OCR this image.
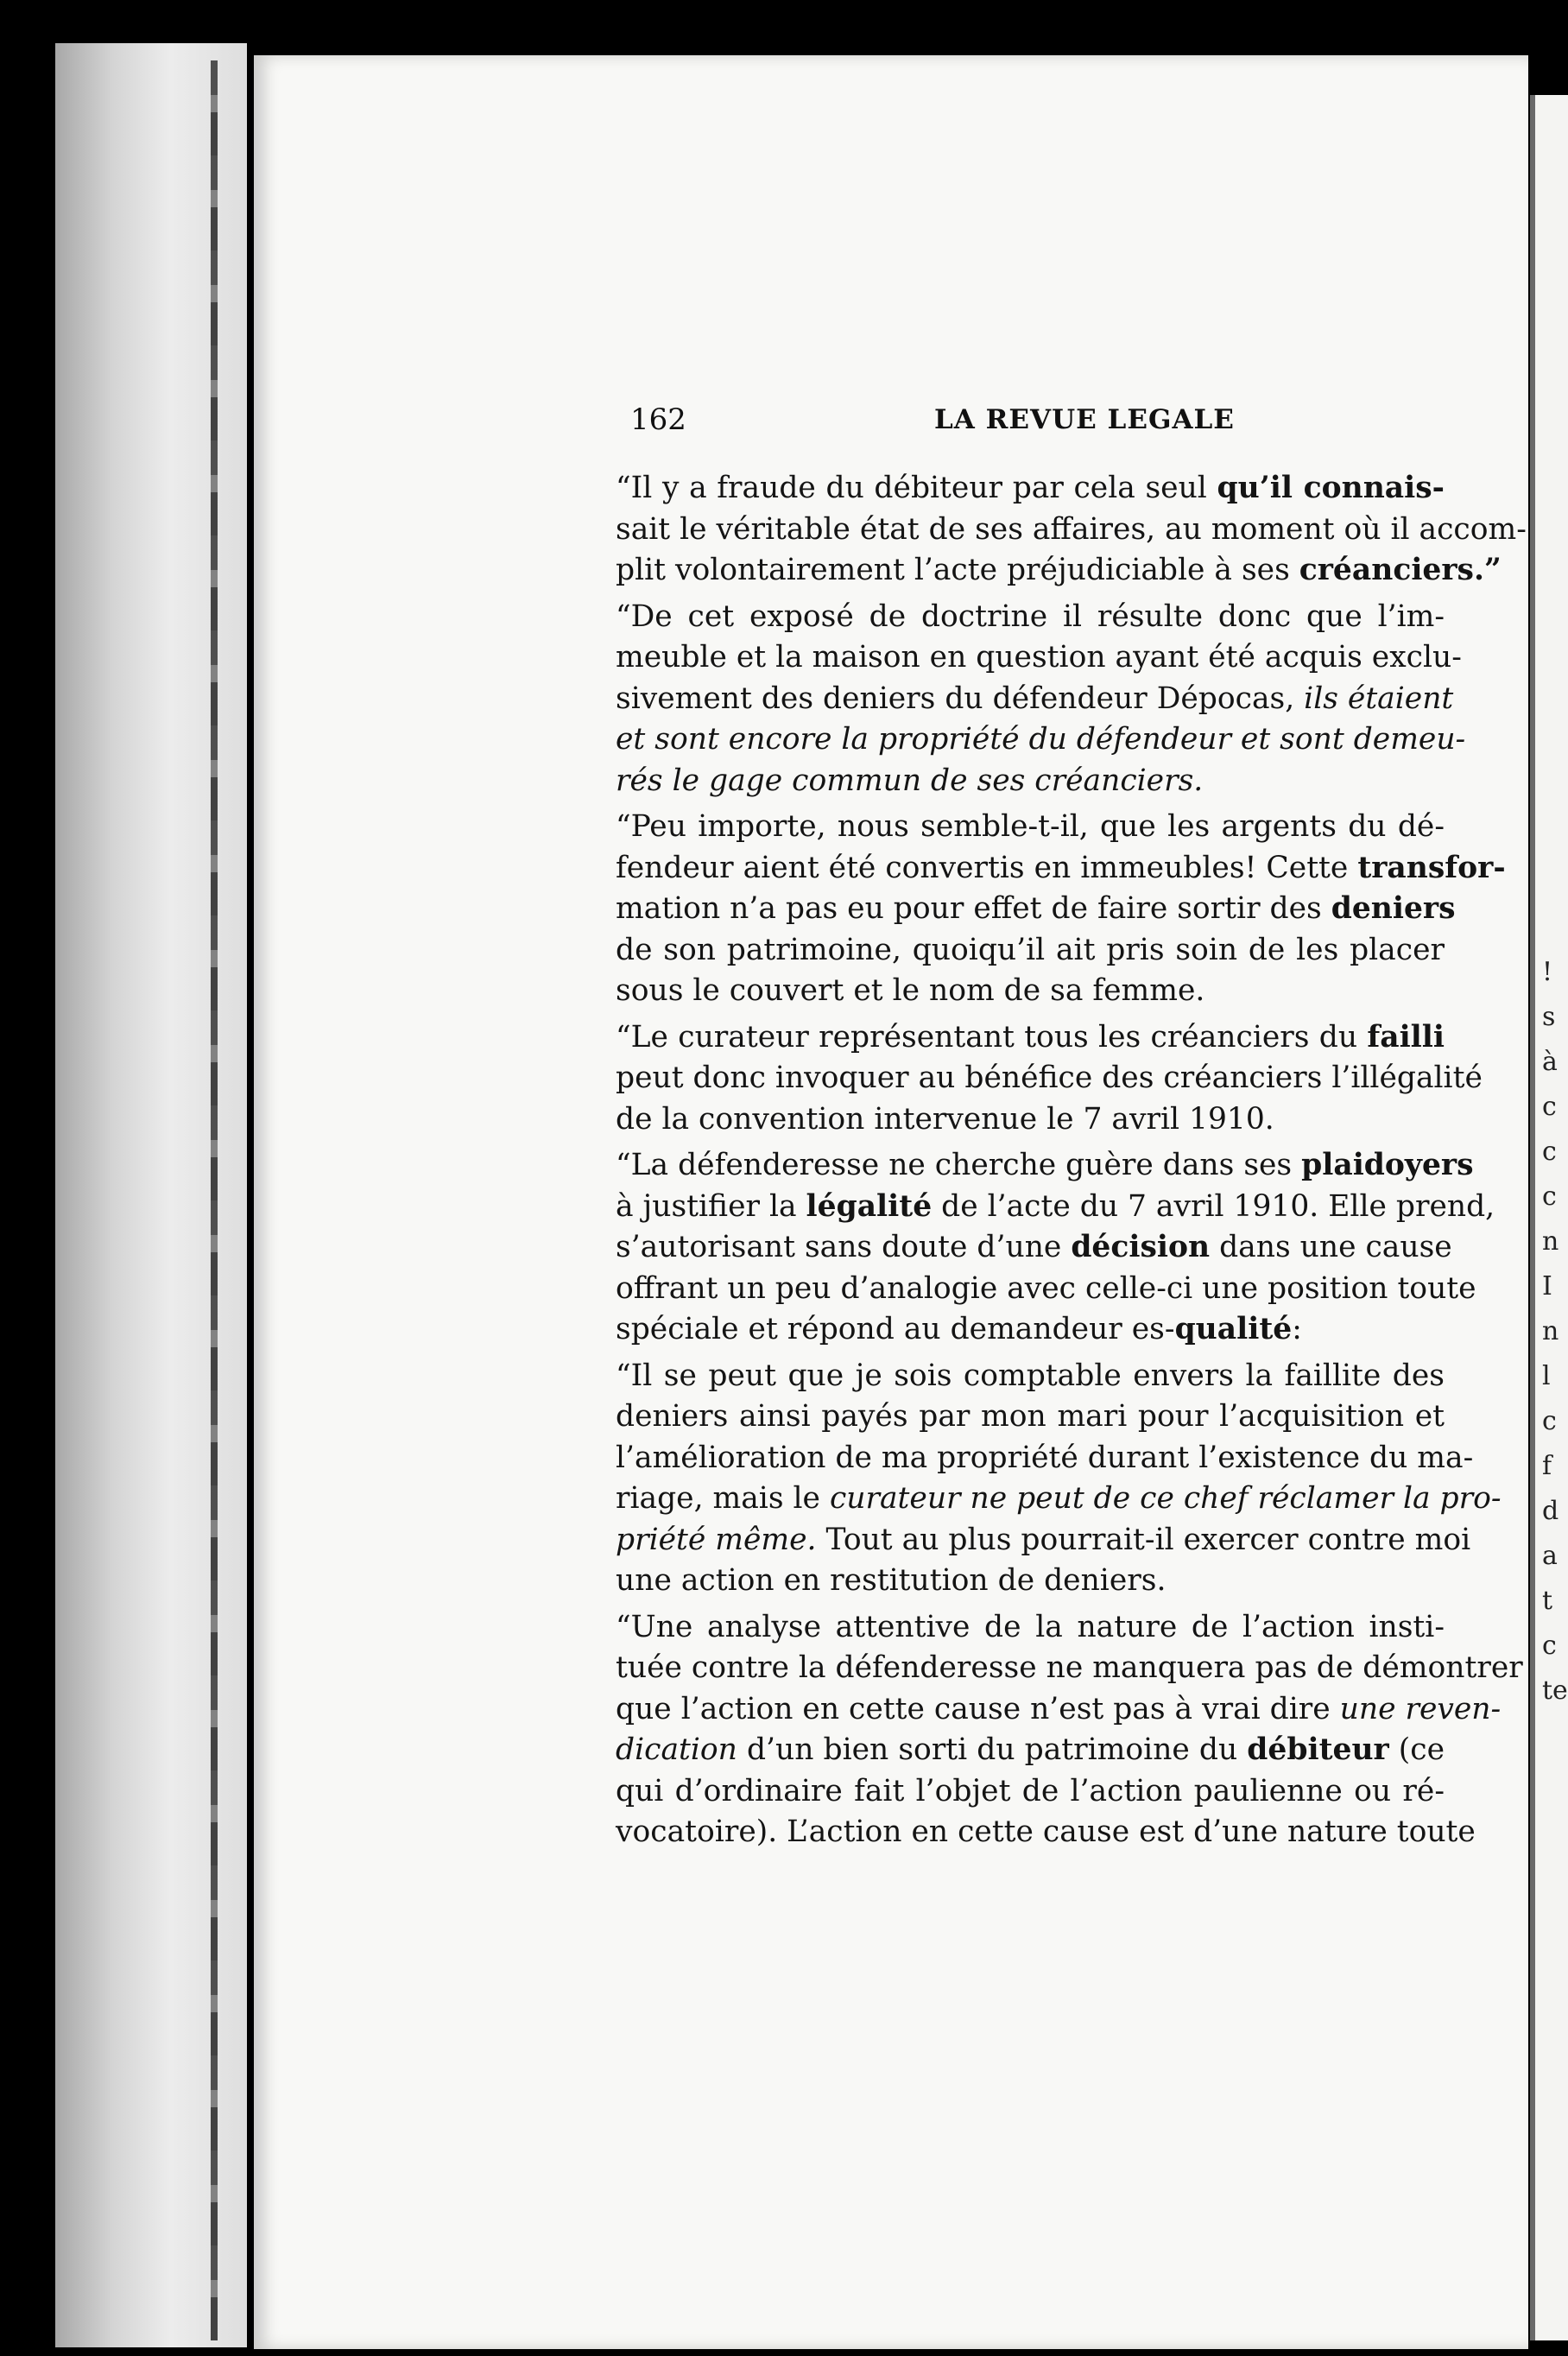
!
s
à
c
c
c
n
I
n
l
c
f
d
a
t
c
te
162	LA REVUE LEGALE
“Il y a fraude du débiteur par cela seul qu’il connais-
sait le véritable état de ses affaires, au moment où il accom-
plit volontairement l’acte préjudiciable à ses créanciers.”
“De cet exposé de doctrine il résulte donc que l’im-
meuble et la maison en question ayant été acquis exclu-
sivement des deniers du défendeur Dépocas, ils étaient
et sont encore la propriété du défendeur et sont demeu-
rés le gage commun de ses créanciers.
“Peu importe, nous semble-t-il, que les argents du dé-
fendeur aient été convertis en immeubles! Cette transfor-
mation n’a pas eu pour effet de faire sortir des deniers
de son patrimoine, quoiqu’il ait pris soin de les placer
sous le couvert et le nom de sa femme.
“Le curateur représentant tous les créanciers du failli
peut donc invoquer au bénéfice des créanciers l’illégalité
de la convention intervenue le 7 avril 1910.
“La défenderesse ne cherche guère dans ses plaidoyers
à justifier la légalité de l’acte du 7 avril 1910. Elle prend,
s’autorisant sans doute d’une décision dans une cause
offrant un peu d’analogie avec celle-ci une position toute
spéciale et répond au demandeur es-qualité:
“Il se peut que je sois comptable envers la faillite des
deniers ainsi payés par mon mari pour l’acquisition et
l’amélioration de ma propriété durant l’existence du ma-
riage, mais le curateur ne peut de ce chef réclamer la pro-
priété même. Tout au plus pourrait-il exercer contre moi
une action en restitution de deniers.
“Une analyse attentive de la nature de l’action insti-
tuée contre la défenderesse ne manquera pas de démontrer
que l’action en cette cause n’est pas à vrai dire une reven-
dication d’un bien sorti du patrimoine du débiteur (ce
qui d’ordinaire fait l’objet de l’action paulienne ou ré-
vocatoire). L’action en cette cause est d’une nature toute
